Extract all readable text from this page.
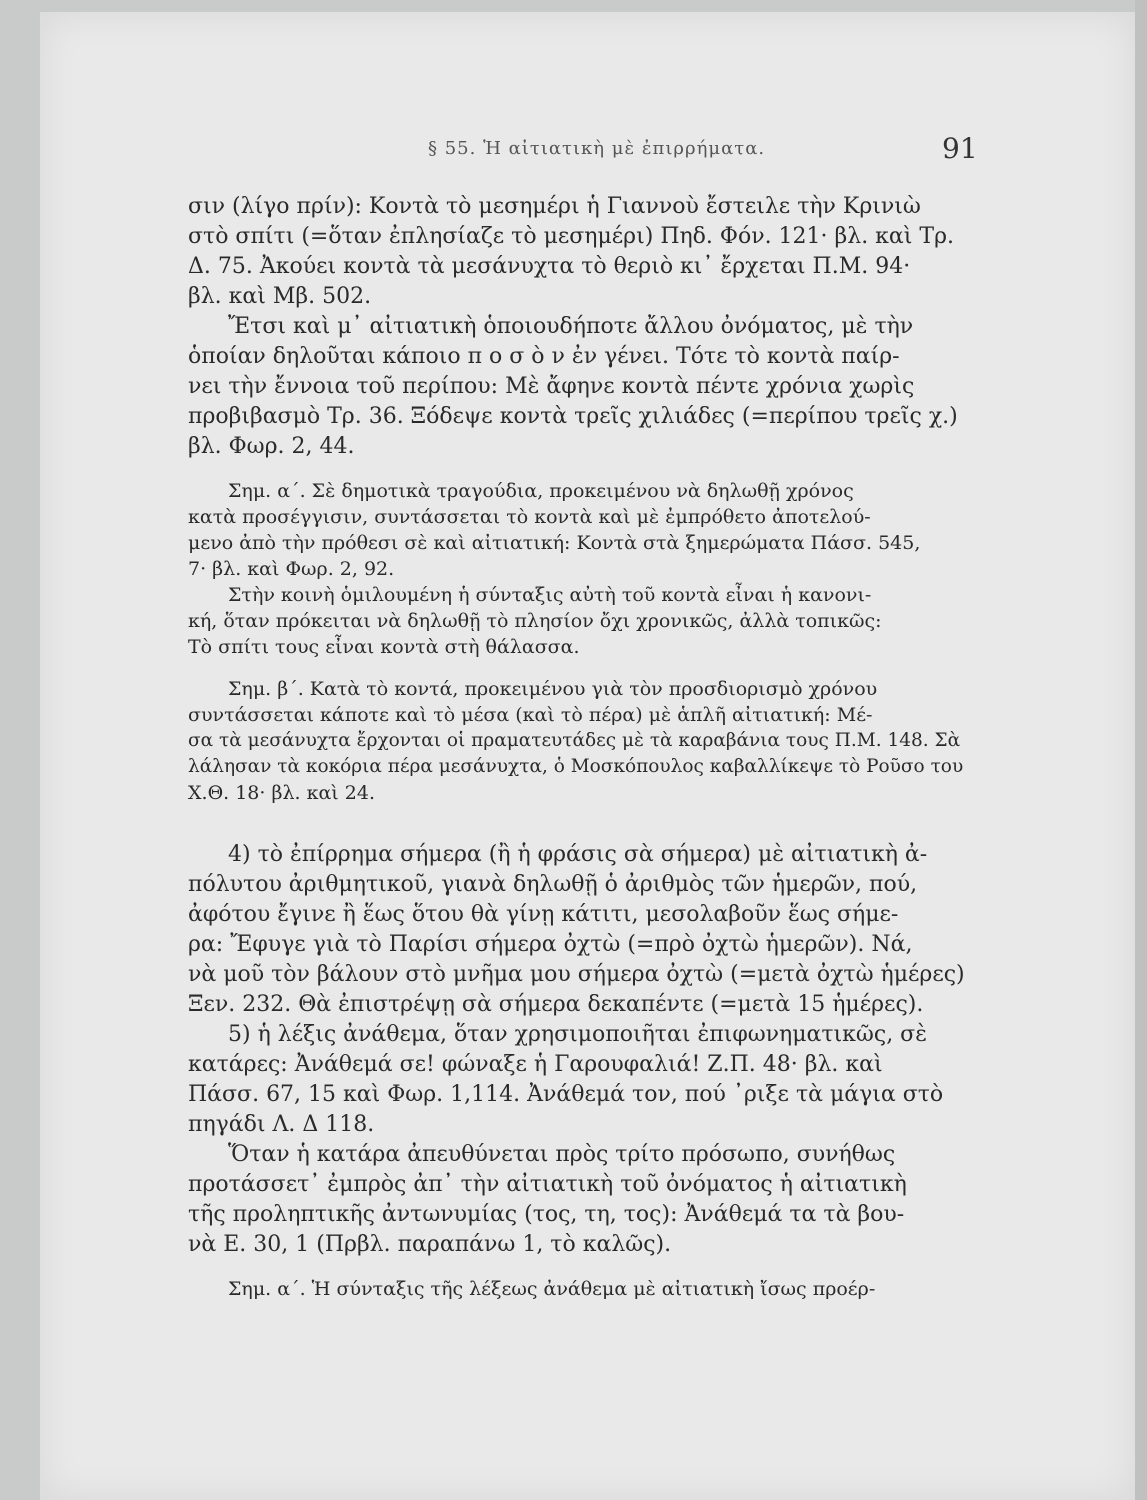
§ 55. Ἡ αἰτιατικὴ μὲ ἐπιρρήματα.	91
σιν (λίγο πρίν): Κοντὰ τὸ μεσημέρι ἡ Γιαννοὺ ἔστειλε τὴν Κρινιὼ
στὸ σπίτι (=ὅταν ἐπλησίαζε τὸ μεσημέρι) Πηδ. Φόν. 121· βλ. καὶ Τρ.
Δ. 75. Ἀκούει κοντὰ τὰ μεσάνυχτα τὸ θεριὸ κι᾽ ἔρχεται Π.Μ. 94·
βλ. καὶ Μβ. 502.
Ἔτσι καὶ μ᾽ αἰτιατικὴ ὁποιουδήποτε ἄλλου ὀνόματος, μὲ τὴν
ὁποίαν δηλοῦται κάποιο π ο σ ὸ ν ἐν γένει. Τότε τὸ κοντὰ παίρ-
νει τὴν ἔννοια τοῦ περίπου: Μὲ ἄφηνε κοντὰ πέντε χρόνια χωρὶς
προβιβασμὸ Τρ. 36. Ξόδεψε κοντὰ τρεῖς χιλιάδες (=περίπου τρεῖς χ.)
βλ. Φωρ. 2, 44.
Σημ. α΄. Σὲ δημοτικὰ τραγούδια, προκειμένου νὰ δηλωθῇ χρόνος
κατὰ προσέγγισιν, συντάσσεται τὸ κοντὰ καὶ μὲ ἐμπρόθετο ἀποτελού-
μενο ἀπὸ τὴν πρόθεσι σὲ καὶ αἰτιατική: Κοντὰ στὰ ξημερώματα Πάσσ. 545,
7· βλ. καὶ Φωρ. 2, 92.
Στὴν κοινὴ ὁμιλουμένη ἡ σύνταξις αὐτὴ τοῦ κοντὰ εἶναι ἡ κανονι-
κή, ὅταν πρόκειται νὰ δηλωθῇ τὸ πλησίον ὄχι χρονικῶς, ἀλλὰ τοπικῶς:
Τὸ σπίτι τους εἶναι κοντὰ στὴ θάλασσα.
Σημ. β΄. Κατὰ τὸ κοντά, προκειμένου γιὰ τὸν προσδιορισμὸ χρόνου
συντάσσεται κάποτε καὶ τὸ μέσα (καὶ τὸ πέρα) μὲ ἁπλῆ αἰτιατική: Μέ-
σα τὰ μεσάνυχτα ἔρχονται οἱ πραματευτάδες μὲ τὰ καραβάνια τους Π.Μ. 148. Σὰ
λάλησαν τὰ κοκόρια πέρα μεσάνυχτα, ὁ Μοσκόπουλος καβαλλίκεψε τὸ Ροῦσο του
Χ.Θ. 18· βλ. καὶ 24.
4) τὸ ἐπίρρημα σήμερα (ἢ ἡ φράσις σὰ σήμερα) μὲ αἰτιατικὴ ἀ-
πόλυτου ἀριθμητικοῦ, γιανὰ δηλωθῇ ὁ ἀριθμὸς τῶν ἡμερῶν, πού,
ἀφότου ἔγινε ἢ ἕως ὅτου θὰ γίνῃ κάτιτι, μεσολαβοῦν ἕως σήμε-
ρα: Ἔφυγε γιὰ τὸ Παρίσι σήμερα ὀχτὼ (=πρὸ ὀχτὼ ἡμερῶν). Νά,
νὰ μοῦ τὸν βάλουν στὸ μνῆμα μου σήμερα ὀχτὼ (=μετὰ ὀχτὼ ἡμέρες)
Ξεν. 232. Θὰ ἐπιστρέψῃ σὰ σήμερα δεκαπέντε (=μετὰ 15 ἡμέρες).
5) ἡ λέξις ἀνάθεμα, ὅταν χρησιμοποιῆται ἐπιφωνηματικῶς, σὲ
κατάρες: Ἀνάθεμά σε! φώναξε ἡ Γαρουφαλιά! Ζ.Π. 48· βλ. καὶ
Πάσσ. 67, 15 καὶ Φωρ. 1,114. Ἀνάθεμά τον, πού ᾽ριξε τὰ μάγια στὸ
πηγάδι Λ. Δ 118.
Ὅταν ἡ κατάρα ἀπευθύνεται πρὸς τρίτο πρόσωπο, συνήθως
προτάσσετ᾽ ἐμπρὸς ἀπ᾽ τὴν αἰτιατικὴ τοῦ ὀνόματος ἡ αἰτιατικὴ
τῆς προληπτικῆς ἀντωνυμίας (τος, τη, τος): Ἀνάθεμά τα τὰ βου-
νὰ Ε. 30, 1 (Πρβλ. παραπάνω 1, τὸ καλῶς).
Σημ. α΄. Ἡ σύνταξις τῆς λέξεως ἀνάθεμα μὲ αἰτιατικὴ ἴσως προέρ-
